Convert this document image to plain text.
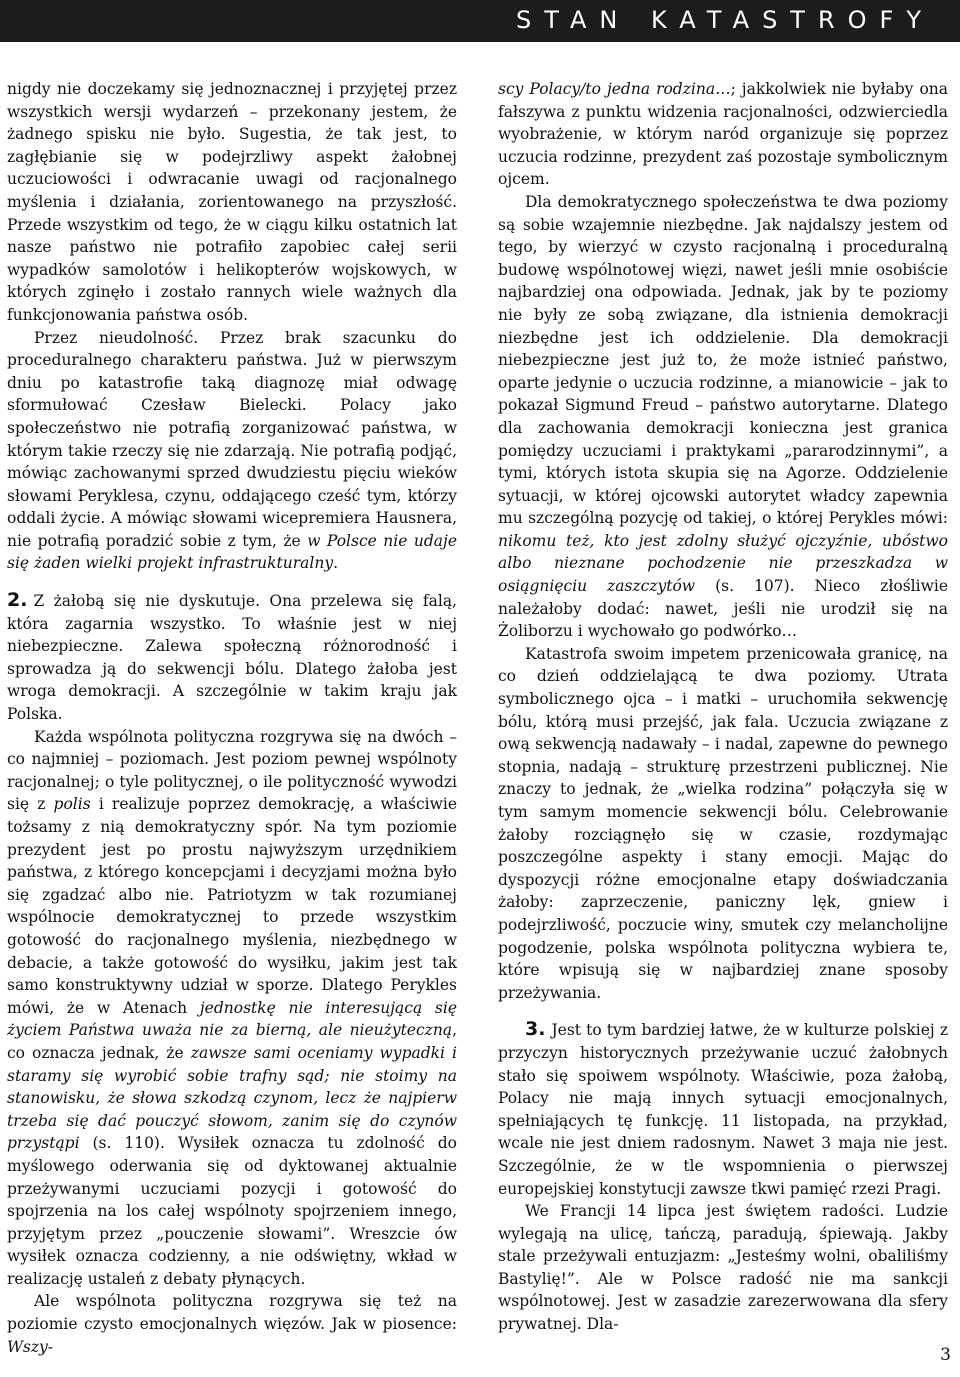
STAN KATASTROFY

nigdy nie doczekamy się jednoznacznej i przyjętej przez wszystkich wersji wydarzeń – przekonany jestem, że żadnego spisku nie było. Sugestia, że tak jest, to zagłębianie się w podejrzliwy aspekt żałobnej uczuciowości i odwracanie uwagi od racjonalnego myślenia i działania, zorientowanego na przyszłość. Przede wszystkim od tego, że w ciągu kilku ostatnich lat nasze państwo nie potrafiło zapobiec całej serii wypadków samolotów i helikopterów wojskowych, w których zginęło i zostało rannych wiele ważnych dla funkcjonowania państwa osób.

Przez nieudolność. Przez brak szacunku do proceduralnego charakteru państwa. Już w pierwszym dniu po katastrofie taką diagnozę miał odwagę sformułować Czesław Bielecki. Polacy jako społeczeństwo nie potrafią zorganizować państwa, w którym takie rzeczy się nie zdarzają. Nie potrafią podjąć, mówiąc zachowanymi sprzed dwudziestu pięciu wieków słowami Peryklesa, czynu, oddającego cześć tym, którzy oddali życie. A mówiąc słowami wicepremiera Hausnera, nie potrafią poradzić sobie z tym, że w Polsce nie udaje się żaden wielki projekt infrastrukturalny.

2. Z żałobą się nie dyskutuje. Ona przelewa się falą, która zagarnia wszystko. To właśnie jest w niej niebezpieczne. Zalewa społeczną różnorodność i sprowadza ją do sekwencji bólu. Dlatego żałoba jest wroga demokracji. A szczególnie w takim kraju jak Polska.

Każda wspólnota polityczna rozgrywa się na dwóch – co najmniej – poziomach. Jest poziom pewnej wspólnoty racjonalnej; o tyle politycznej, o ile polityczność wywodzi się z polis i realizuje poprzez demokrację, a właściwie tożsamy z nią demokratyczny spór. Na tym poziomie prezydent jest po prostu najwyższym urzędnikiem państwa, z którego koncepcjami i decyzjami można było się zgadzać albo nie. Patriotyzm w tak rozumianej wspólnocie demokratycznej to przede wszystkim gotowość do racjonalnego myślenia, niezbędnego w debacie, a także gotowość do wysiłku, jakim jest tak samo konstruktywny udział w sporze. Dlatego Perykles mówi, że w Atenach jednostkę nie interesującą się życiem Państwa uważa nie za bierną, ale nieużyteczną, co oznacza jednak, że zawsze sami oceniamy wypadki i staramy się wyrobić sobie trafny sąd; nie stoimy na stanowisku, że słowa szkodzą czynom, lecz że najpierw trzeba się dać pouczyć słowom, zanim się do czynów przystąpi (s. 110). Wysiłek oznacza tu zdolność do myślowego oderwania się od dyktowanej aktualnie przeżywanymi uczuciami pozycji i gotowość do spojrzenia na los całej wspólnoty spojrzeniem innego, przyjętym przez „pouczenie słowami”. Wreszcie ów wysiłek oznacza codzienny, a nie odświętny, wkład w realizację ustaleń z debaty płynących.

Ale wspólnota polityczna rozgrywa się też na poziomie czysto emocjonalnych więzów. Jak w piosence: Wszy-

scy Polacy/to jedna rodzina…; jakkolwiek nie byłaby ona fałszywa z punktu widzenia racjonalności, odzwierciedla wyobrażenie, w którym naród organizuje się poprzez uczucia rodzinne, prezydent zaś pozostaje symbolicznym ojcem.

Dla demokratycznego społeczeństwa te dwa poziomy są sobie wzajemnie niezbędne. Jak najdalszy jestem od tego, by wierzyć w czysto racjonalną i proceduralną budowę wspólnotowej więzi, nawet jeśli mnie osobiście najbardziej ona odpowiada. Jednak, jak by te poziomy nie były ze sobą związane, dla istnienia demokracji niezbędne jest ich oddzielenie. Dla demokracji niebezpieczne jest już to, że może istnieć państwo, oparte jedynie o uczucia rodzinne, a mianowicie – jak to pokazał Sigmund Freud – państwo autorytarne. Dlatego dla zachowania demokracji konieczna jest granica pomiędzy uczuciami i praktykami „pararodzinnymi”, a tymi, których istota skupia się na Agorze. Oddzielenie sytuacji, w której ojcowski autorytet władcy zapewnia mu szczególną pozycję od takiej, o której Perykles mówi: nikomu też, kto jest zdolny służyć ojczyźnie, ubóstwo albo nieznane pochodzenie nie przeszkadza w osiągnięciu zaszczytów (s. 107). Nieco złośliwie należałoby dodać: nawet, jeśli nie urodził się na Żoliborzu i wychowało go podwórko…

Katastrofa swoim impetem przenicowała granicę, na co dzień oddzielającą te dwa poziomy. Utrata symbolicznego ojca – i matki – uruchomiła sekwencję bólu, którą musi przejść, jak fala. Uczucia związane z ową sekwencją nadawały – i nadal, zapewne do pewnego stopnia, nadają – strukturę przestrzeni publicznej. Nie znaczy to jednak, że „wielka rodzina” połączyła się w tym samym momencie sekwencji bólu. Celebrowanie żałoby rozciągnęło się w czasie, rozdymając poszczególne aspekty i stany emocji. Mając do dyspozycji różne emocjonalne etapy doświadczania żałoby: zaprzeczenie, paniczny lęk, gniew i podejrzliwość, poczucie winy, smutek czy melancholijne pogodzenie, polska wspólnota polityczna wybiera te, które wpisują się w najbardziej znane sposoby przeżywania.

3. Jest to tym bardziej łatwe, że w kulturze polskiej z przyczyn historycznych przeżywanie uczuć żałobnych stało się spoiwem wspólnoty. Właściwie, poza żałobą, Polacy nie mają innych sytuacji emocjonalnych, spełniających tę funkcję. 11 listopada, na przykład, wcale nie jest dniem radosnym. Nawet 3 maja nie jest. Szczególnie, że w tle wspomnienia o pierwszej europejskiej konstytucji zawsze tkwi pamięć rzezi Pragi.

We Francji 14 lipca jest świętem radości. Ludzie wylegają na ulicę, tańczą, paradują, śpiewają. Jakby stale przeżywali entuzjazm: „Jesteśmy wolni, obaliliśmy Bastylię!”. Ale w Polsce radość nie ma sankcji wspólnotowej. Jest w zasadzie zarezerwowana dla sfery prywatnej. Dla-

3
